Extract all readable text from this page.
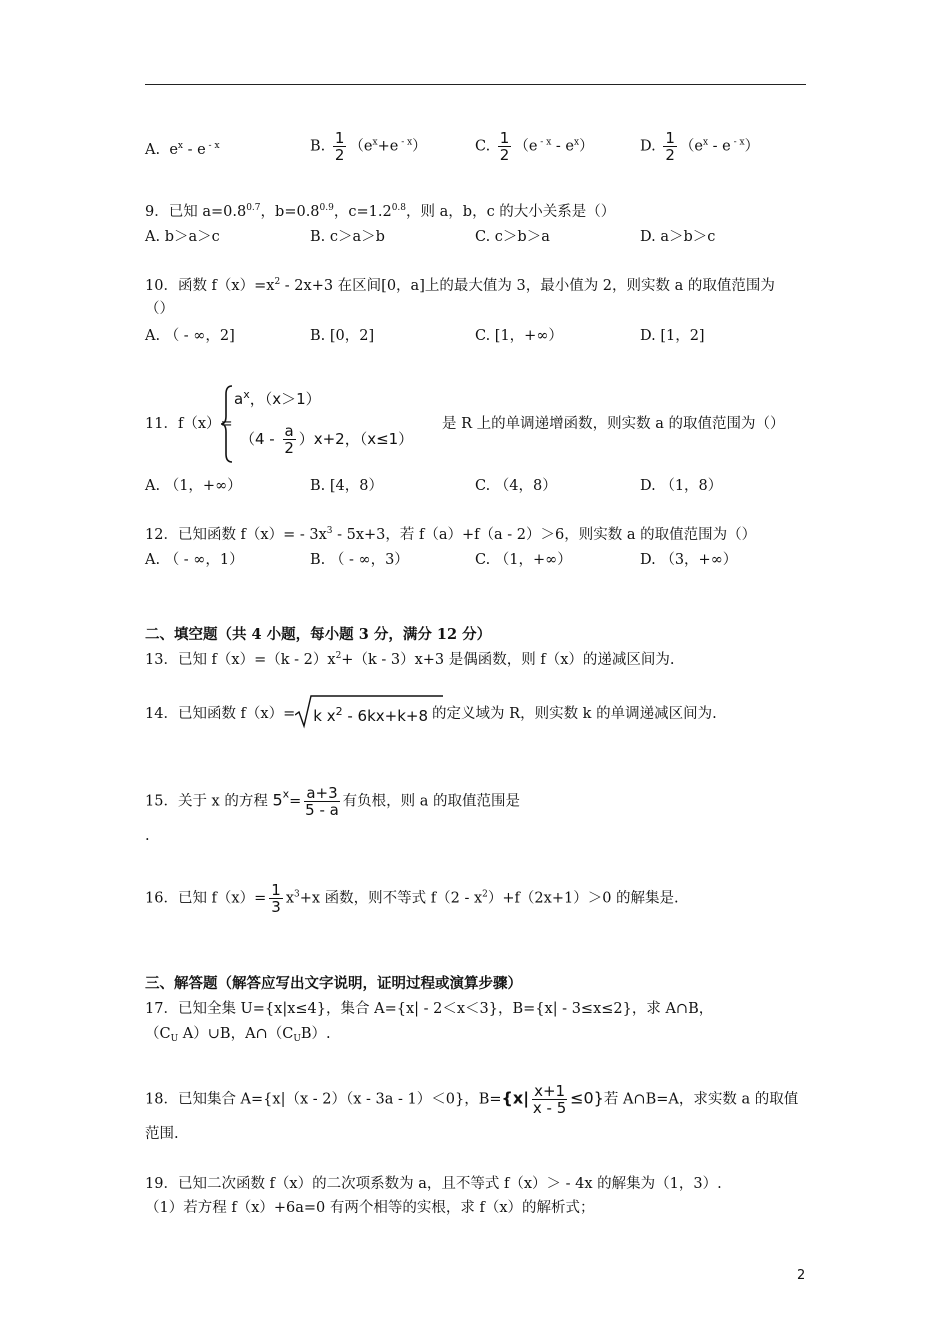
A. $e^x$ - e $^{- x}$	B. $\frac{1}{2} (e^x+e$ $^{- x}$）	C. $\frac{1}{2} (e$ $^{- x} - e^x$）	D. $\frac{1}{2} (e^x$ - e $^{- x}$）
9．已知 $a=0.8^{0.7}$，$b=0.8^{0.9}$，$c=1.2^{0.8}$，则 a，b，c 的大小关系是（）
A. b＞a＞c	B. c＞a＞b	C. c＞b＞a	D. a＞b＞c
10．函数 $f(x)=x^2 - 2x+3$ 在区间[0，a]上的最大值为 3，最小值为 2，则实数 a 的取值范围为
（）
A. （ - ∞，2]	B. [0，2]	C. [1，+∞）	D. [1，2]
11．f（x）=
$a^x$，（x＞1）
$(4 - \frac{a}{2} )x+2$，（x≤1）
是 R 上的单调递增函数，则实数 a 的取值范围为（）
A. （1，+∞）	B. [4，8）	C. （4，8）	D. （1，8）
12．已知函数 $f(x)= - 3x^3 - 5x+3$，若 f（a）+f（a - 2）＞6，则实数 a 的取值范围为（）
A. （ - ∞，1）	B. （ - ∞，3）	C. （1，+∞）	D. （3，+∞）
二、填空题（共 4 小题，每小题 3 分，满分 12 分）
13．已知 $f(x)=(k - 2)x^2+(k - 3)x+3$ 是偶函数，则 f（x）的递减区间为.
14．已知函数 f（x）= k $x^2 - 6kx+k+8$ 的定义域为 R，则实数 k 的单调递减区间为.
15．关于 x 的方程 $5^x= \frac{a+3}{5 - a}$ 有负根，则 a 的取值范围是
.
16．已知 $f(x)= \frac{1}{3} x^3+x$ 函数，则不等式 $f(2 - x^2)+f(2x+1)>0$ 的解集是.
三、解答题（解答应写出文字说明，证明过程或演算步骤）
17．已知全集 U={x|x≤4}，集合 A={x| - 2＜x＜3}，B={x| - 3≤x≤2}，求 A∩B，
（$C_U$ A）∪B，$A\cap(C_UB)$.
18．已知集合 A={x|（x - 2）（x - 3a - 1）＜0}，$B=\{x| \frac{x+1}{x - 5} \le 0\}$若 A∩B=A，求实数 a 的取值
范围.
19．已知二次函数 f（x）的二次项系数为 a，且不等式 f（x）＞ - 4x 的解集为（1，3）.
（1）若方程 f（x）+6a=0 有两个相等的实根，求 f（x）的解析式；
2
